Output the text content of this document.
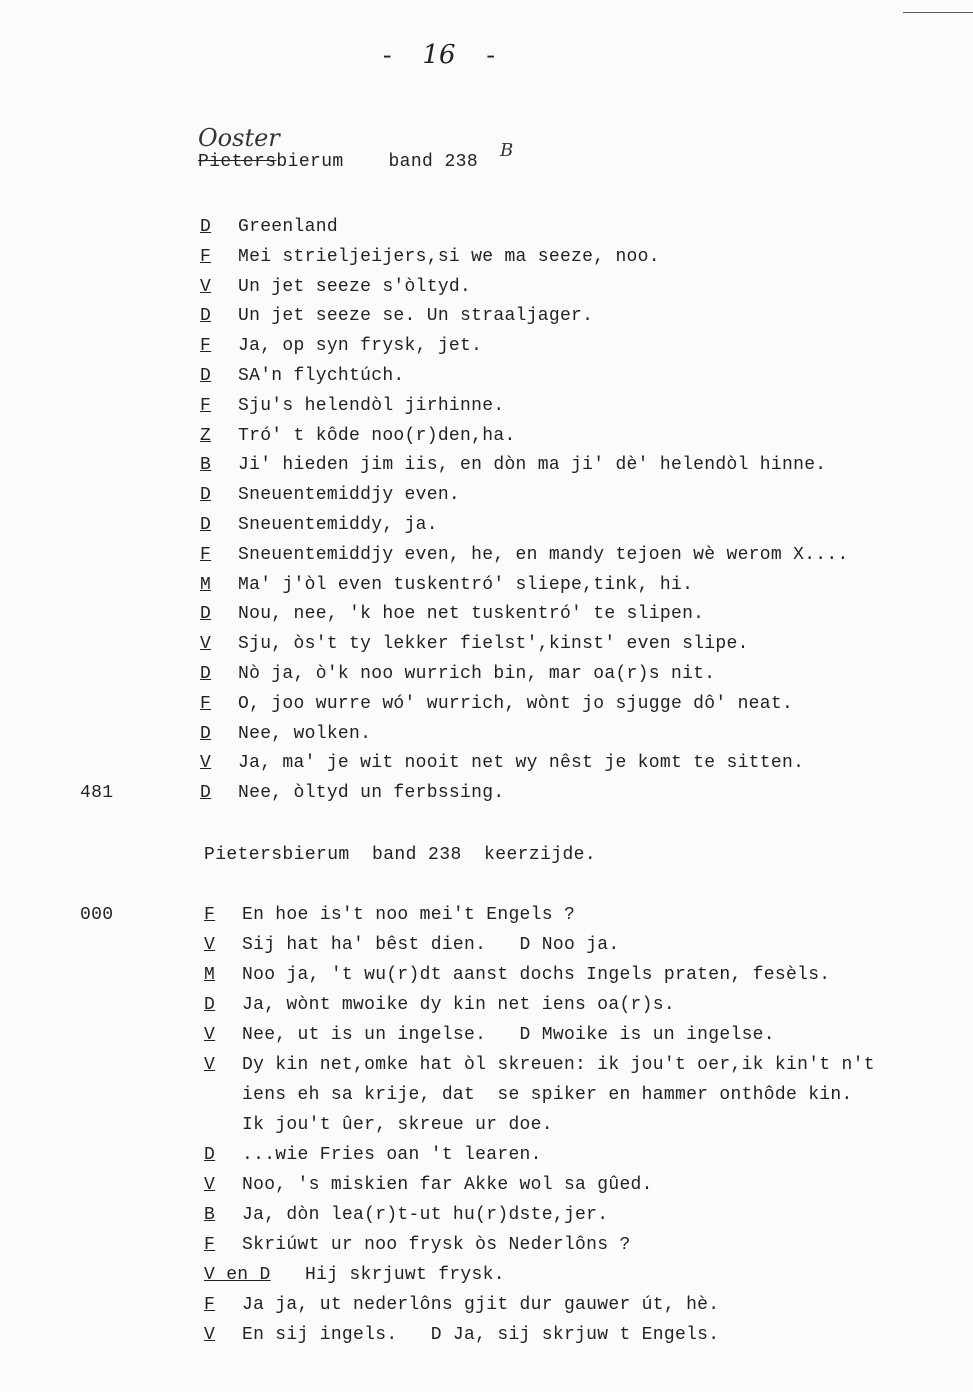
- 16 -
Ooster	B
Pietersbierum band 238
D Greenland
F Mei strieljeijers,si we ma seeze, noo.
V Un jet seeze s'òltyd.
D Un jet seeze se. Un straaljager.
F Ja, op syn frysk, jet.
D SA'n flychtúch.
F Sju's helendòl jirhinne.
Z Tró' t kôde noo(r)den,ha.
B Ji' hieden jim iis, en dòn ma ji' dè' helendòl hinne.
D Sneuentemiddjy even.
D Sneuentemiddy, ja.
F Sneuentemiddjy even, he, en mandy tejoen wè werom X....
M Ma' j'òl even tuskentró' sliepe,tink, hi.
D Nou, nee, 'k hoe net tuskentró' te slipen.
V Sju, òs't ty lekker fielst',kinst' even slipe.
D Nò ja, ò'k noo wurrich bin, mar oa(r)s nit.
F O, joo wurre wó' wurrich, wònt jo sjugge dô' neat.
D Nee, wolken.
V Ja, ma' je wit nooit net wy nêst je komt te sitten.
481	D Nee, òltyd un ferbssing.
Pietersbierum  band 238  keerzijde.
000	F En hoe is't noo mei't Engels ?
V Sij hat ha' bêst dien.   D Noo ja.
M Noo ja, 't wu(r)dt aanst dochs Ingels praten, fesèls.
D Ja, wònt mwoike dy kin net iens oa(r)s.
V Nee, ut is un ingelse.   D Mwoike is un ingelse.
V Dy kin net,omke hat òl skreuen: ik jou't oer,ik kin't n't
iens eh sa krije, dat  se spiker en hammer onthôde kin.
Ik jou't ûer, skreue ur doe.
D ...wie Fries oan 't learen.
V Noo, 's miskien far Akke wol sa gûed.
B Ja, dòn lea(r)t-ut hu(r)dste,jer.
F Skriúwt ur noo frysk òs Nederlôns ?
V en D Hij skrjuwt frysk.
F Ja ja, ut nederlôns gjit dur gauwer út, hè.
V En sij ingels.   D Ja, sij skrjuw t Engels.
